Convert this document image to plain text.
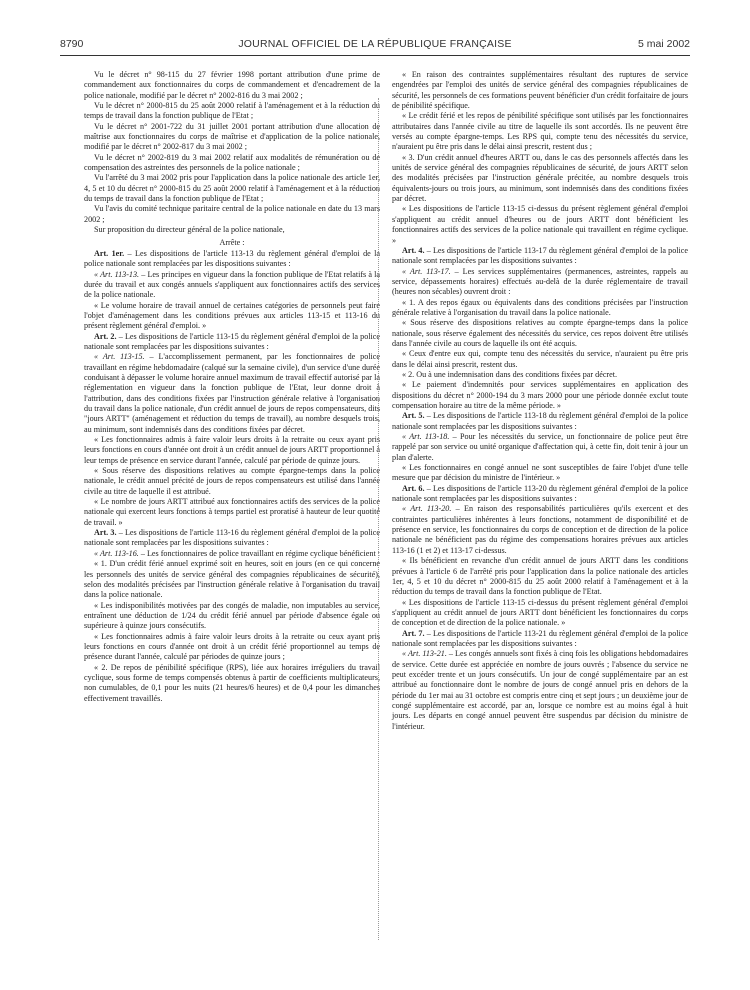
8790	JOURNAL OFFICIEL DE LA RÉPUBLIQUE FRANÇAISE	5 mai 2002

Vu le décret n° 98-115 du 27 février 1998 portant attribution d'une prime de commandement aux fonctionnaires du corps de commandement et d'encadrement de la police nationale, modifié par le décret n° 2002-816 du 3 mai 2002 ;

Vu le décret n° 2000-815 du 25 août 2000 relatif à l'aménagement et à la réduction du temps de travail dans la fonction publique de l'Etat ;

Vu le décret n° 2001-722 du 31 juillet 2001 portant attribution d'une allocation de maîtrise aux fonctionnaires du corps de maîtrise et d'application de la police nationale, modifié par le décret n° 2002-817 du 3 mai 2002 ;

Vu le décret n° 2002-819 du 3 mai 2002 relatif aux modalités de rémunération ou de compensation des astreintes des personnels de la police nationale ;

Vu l'arrêté du 3 mai 2002 pris pour l'application dans la police nationale des article 1er, 4, 5 et 10 du décret n° 2000-815 du 25 août 2000 relatif à l'aménagement et à la réduction du temps de travail dans la fonction publique de l'Etat ;

Vu l'avis du comité technique paritaire central de la police nationale en date du 13 mars 2002 ;

Sur proposition du directeur général de la police nationale,

Arrête :

Art. 1er. – Les dispositions de l'article 113-13 du règlement général d'emploi de la police nationale sont remplacées par les dispositions suivantes :

« Art. 113-13. – Les principes en vigueur dans la fonction publique de l'Etat relatifs à la durée du travail et aux congés annuels s'appliquent aux fonctionnaires actifs des services de la police nationale.

« Le volume horaire de travail annuel de certaines catégories de personnels peut faire l'objet d'aménagement dans les conditions prévues aux articles 113-15 et 113-16 du présent règlement général d'emploi. »

Art. 2. – Les dispositions de l'article 113-15 du règlement général d'emploi de la police nationale sont remplacées par les dispositions suivantes :

« Art. 113-15. – L'accomplissement permanent, par les fonctionnaires de police travaillant en régime hebdomadaire (calqué sur la semaine civile), d'un service d'une durée conduisant à dépasser le volume horaire annuel maximum de travail effectif autorisé par la réglementation en vigueur dans la fonction publique de l'Etat, leur donne droit à l'attribution, dans des conditions fixées par l'instruction générale relative à l'organisation du travail dans la police nationale, d'un crédit annuel de jours de repos compensateurs, dits "jours ARTT" (aménagement et réduction du temps de travail), au nombre desquels trois, au minimum, sont indemnisés dans des conditions fixées par décret.

« Les fonctionnaires admis à faire valoir leurs droits à la retraite ou ceux ayant pris leurs fonctions en cours d'année ont droit à un crédit annuel de jours ARTT proportionnel à leur temps de présence en service durant l'année, calculé par période de quinze jours.

« Sous réserve des dispositions relatives au compte épargne-temps dans la police nationale, le crédit annuel précité de jours de repos compensateurs est utilisé dans l'année civile au titre de laquelle il est attribué.

« Le nombre de jours ARTT attribué aux fonctionnaires actifs des services de la police nationale qui exercent leurs fonctions à temps partiel est proratisé à hauteur de leur quotité de travail. »

Art. 3. – Les dispositions de l'article 113-16 du règlement général d'emploi de la police nationale sont remplacées par les dispositions suivantes :

« Art. 113-16. – Les fonctionnaires de police travaillant en régime cyclique bénéficient :

« 1. D'un crédit férié annuel exprimé soit en heures, soit en jours (en ce qui concerne les personnels des unités de service général des compagnies républicaines de sécurité), selon des modalités précisées par l'instruction générale relative à l'organisation du travail dans la police nationale.

« Les indisponibilités motivées par des congés de maladie, non imputables au service, entraînent une déduction de 1/24 du crédit férié annuel par période d'absence égale ou supérieure à quinze jours consécutifs.

« Les fonctionnaires admis à faire valoir leurs droits à la retraite ou ceux ayant pris leurs fonctions en cours d'année ont droit à un crédit férié proportionnel au temps de présence durant l'année, calculé par périodes de quinze jours ;

« 2. De repos de pénibilité spécifique (RPS), liée aux horaires irréguliers du travail cyclique, sous forme de temps compensés obtenus à partir de coefficients multiplicateurs, non cumulables, de 0,1 pour les nuits (21 heures/6 heures) et de 0,4 pour les dimanches effectivement travaillés.

« En raison des contraintes supplémentaires résultant des ruptures de service engendrées par l'emploi des unités de service général des compagnies républicaines de sécurité, les personnels de ces formations peuvent bénéficier d'un crédit forfaitaire de jours de pénibilité spécifique.

« Le crédit férié et les repos de pénibilité spécifique sont utilisés par les fonctionnaires attributaires dans l'année civile au titre de laquelle ils sont accordés. Ils ne peuvent être versés au compte épargne-temps. Les RPS qui, compte tenu des nécessités du service, n'auraient pu être pris dans le délai ainsi prescrit, restent dus ;

« 3. D'un crédit annuel d'heures ARTT ou, dans le cas des personnels affectés dans les unités de service général des compagnies républicaines de sécurité, de jours ARTT selon des modalités précisées par l'instruction générale précitée, au nombre desquels trois équivalents-jours ou trois jours, au minimum, sont indemnisés dans des conditions fixées par décret.

« Les dispositions de l'article 113-15 ci-dessus du présent règlement général d'emploi s'appliquent au crédit annuel d'heures ou de jours ARTT dont bénéficient les fonctionnaires actifs des services de la police nationale qui travaillent en régime cyclique. »

Art. 4. – Les dispositions de l'article 113-17 du règlement général d'emploi de la police nationale sont remplacées par les dispositions suivantes :

« Art. 113-17. – Les services supplémentaires (permanences, astreintes, rappels au service, dépassements horaires) effectués au-delà de la durée réglementaire de travail (heures non sécables) ouvrent droit :

« 1. A des repos égaux ou équivalents dans des conditions précisées par l'instruction générale relative à l'organisation du travail dans la police nationale.

« Sous réserve des dispositions relatives au compte épargne-temps dans la police nationale, sous réserve également des nécessités du service, ces repos doivent être utilisés dans l'année civile au cours de laquelle ils ont été acquis.

« Ceux d'entre eux qui, compte tenu des nécessités du service, n'auraient pu être pris dans le délai ainsi prescrit, restent dus.

« 2. Ou à une indemnisation dans des conditions fixées par décret.

« Le paiement d'indemnités pour services supplémentaires en application des dispositions du décret n° 2000-194 du 3 mars 2000 pour une période donnée exclut toute compensation horaire au titre de la même période. »

Art. 5. – Les dispositions de l'article 113-18 du règlement général d'emploi de la police nationale sont remplacées par les dispositions suivantes :

« Art. 113-18. – Pour les nécessités du service, un fonctionnaire de police peut être rappelé par son service ou unité organique d'affectation qui, à cette fin, doit tenir à jour un plan d'alerte.

« Les fonctionnaires en congé annuel ne sont susceptibles de faire l'objet d'une telle mesure que par décision du ministre de l'intérieur. »

Art. 6. – Les dispositions de l'article 113-20 du règlement général d'emploi de la police nationale sont remplacées par les dispositions suivantes :

« Art. 113-20. – En raison des responsabilités particulières qu'ils exercent et des contraintes particulières inhérentes à leurs fonctions, notamment de disponibilité et de présence en service, les fonctionnaires du corps de conception et de direction de la police nationale ne bénéficient pas du régime des compensations horaires prévues aux articles 113-16 (1 et 2) et 113-17 ci-dessus.

« Ils bénéficient en revanche d'un crédit annuel de jours ARTT dans les conditions prévues à l'article 6 de l'arrêté pris pour l'application dans la police nationale des articles 1er, 4, 5 et 10 du décret n° 2000-815 du 25 août 2000 relatif à l'aménagement et à la réduction du temps de travail dans la fonction publique de l'Etat.

« Les dispositions de l'article 113-15 ci-dessus du présent règlement général d'emploi s'appliquent au crédit annuel de jours ARTT dont bénéficient les fonctionnaires du corps de conception et de direction de la police nationale. »

Art. 7. – Les dispositions de l'article 113-21 du règlement général d'emploi de la police nationale sont remplacées par les dispositions suivantes :

« Art. 113-21. – Les congés annuels sont fixés à cinq fois les obligations hebdomadaires de service. Cette durée est appréciée en nombre de jours ouvrés ; l'absence du service ne peut excéder trente et un jours consécutifs. Un jour de congé supplémentaire par an est attribué au fonctionnaire dont le nombre de jours de congé annuel pris en dehors de la période du 1er mai au 31 octobre est compris entre cinq et sept jours ; un deuxième jour de congé supplémentaire est accordé, par an, lorsque ce nombre est au moins égal à huit jours. Les départs en congé annuel peuvent être suspendus par décision du ministre de l'intérieur.
